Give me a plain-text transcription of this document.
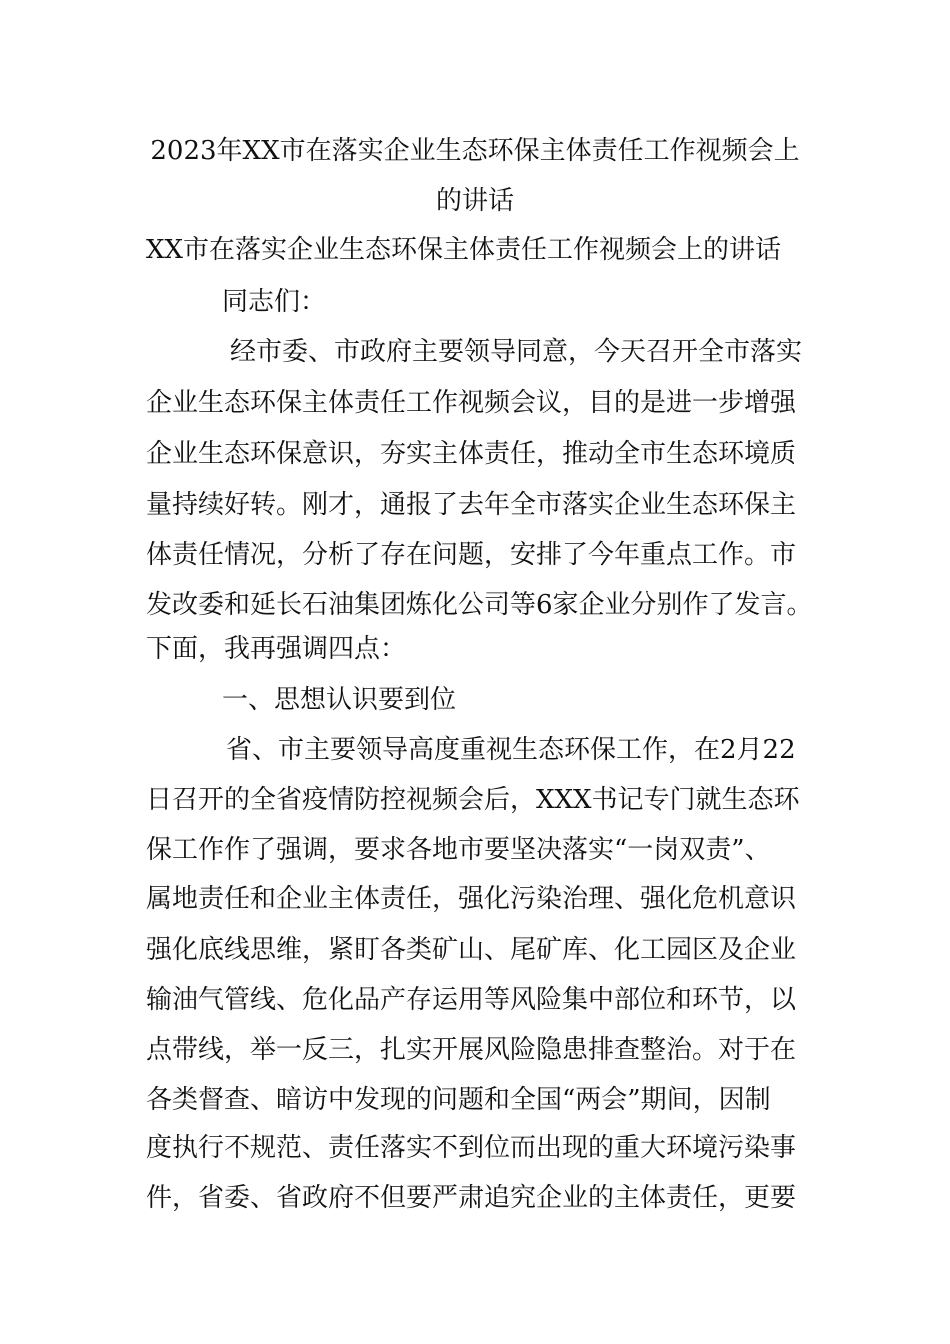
2023年XX市在落实企业生态环保主体责任工作视频会上
的讲话
XX市在落实企业生态环保主体责任工作视频会上的讲话
同志们：
经市委、市政府主要领导同意，今天召开全市落实
企业生态环保主体责任工作视频会议，目的是进一步增强
企业生态环保意识，夯实主体责任，推动全市生态环境质
量持续好转。刚才，通报了去年全市落实企业生态环保主
体责任情况，分析了存在问题，安排了今年重点工作。市
发改委和延长石油集团炼化公司等6家企业分别作了发言。
下面，我再强调四点：
一、思想认识要到位
省、市主要领导高度重视生态环保工作，在2月22
日召开的全省疫情防控视频会后，XXX书记专门就生态环
保工作作了强调，要求各地市要坚决落实“一岗双责”、
属地责任和企业主体责任，强化污染治理、强化危机意识
强化底线思维，紧盯各类矿山、尾矿库、化工园区及企业
输油气管线、危化品产存运用等风险集中部位和环节，以
点带线，举一反三，扎实开展风险隐患排查整治。对于在
各类督查、暗访中发现的问题和全国“两会”期间，因制
度执行不规范、责任落实不到位而出现的重大环境污染事
件，省委、省政府不但要严肃追究企业的主体责任，更要
